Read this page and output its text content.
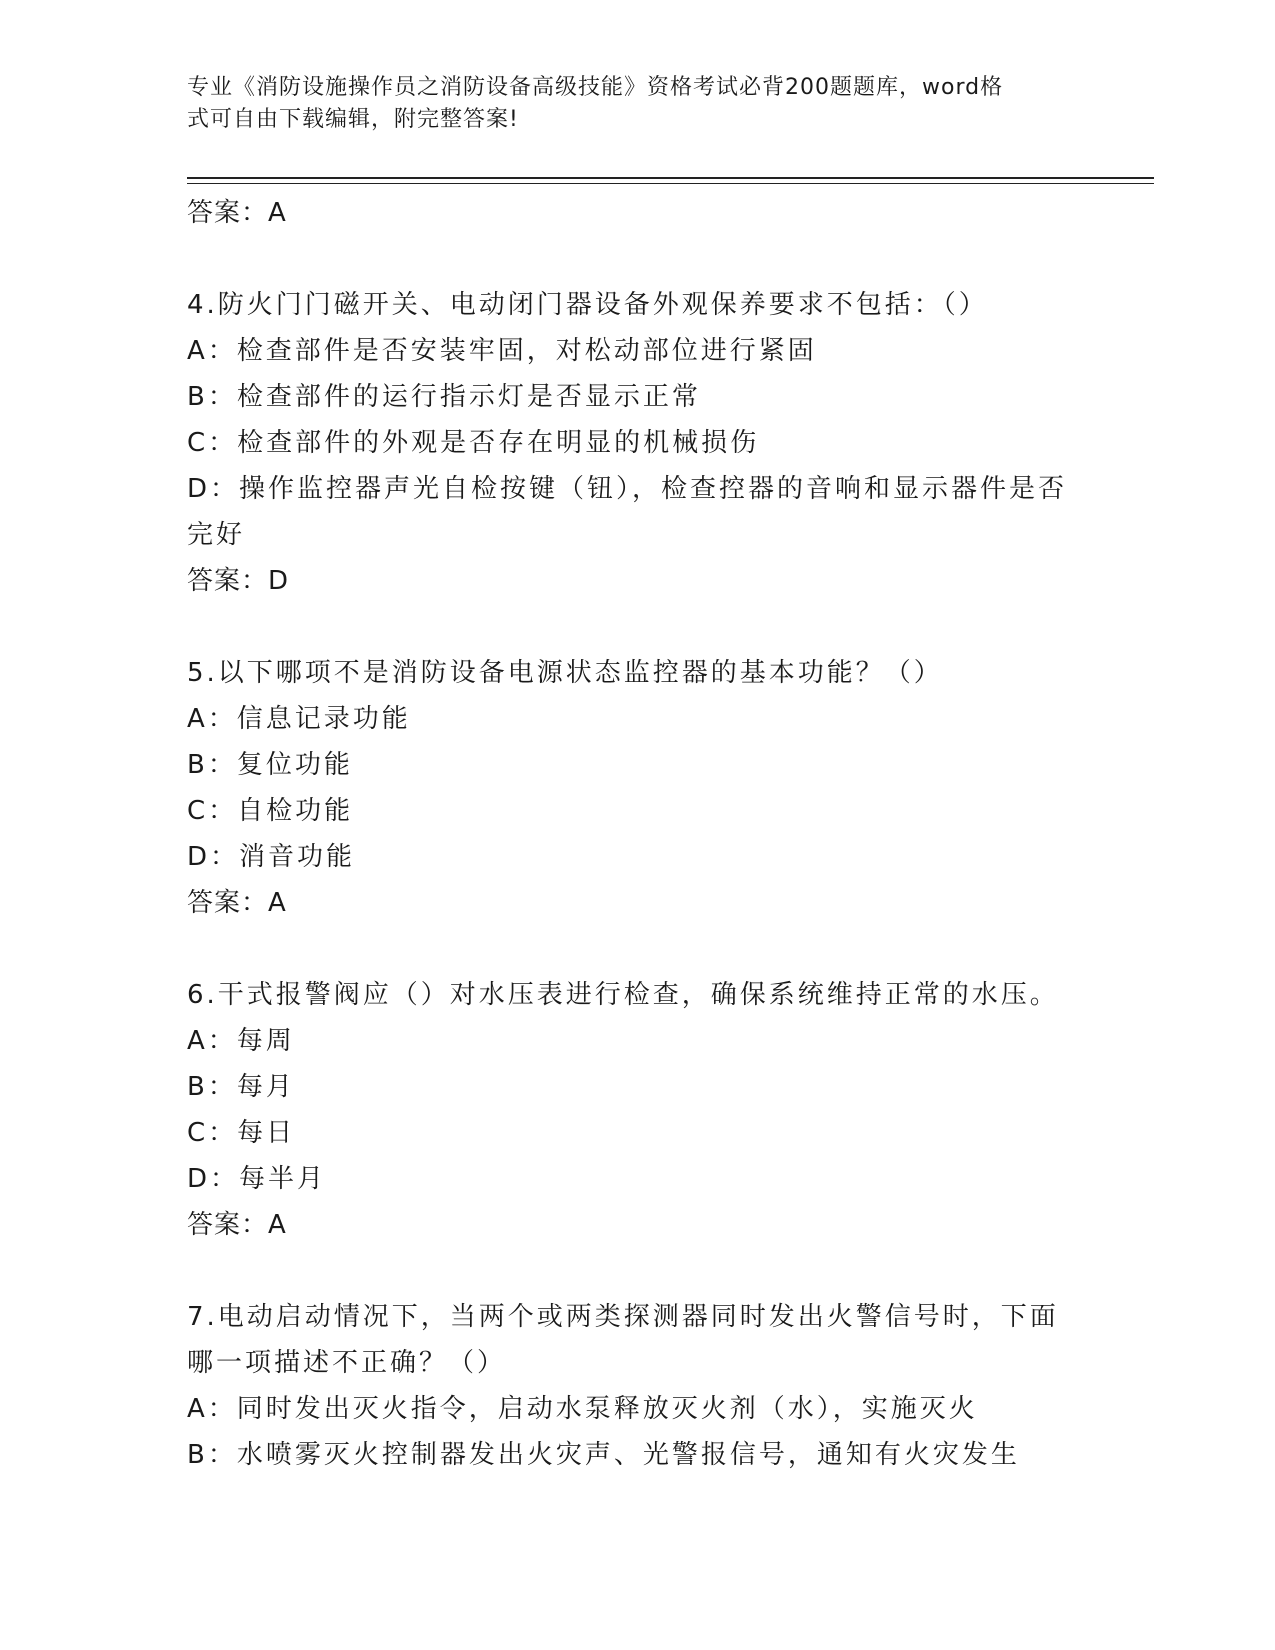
专业《消防设施操作员之消防设备高级技能》资格考试必背200题题库，word格
式可自由下载编辑，附完整答案!
答案：A
4.防火门门磁开关、电动闭门器设备外观保养要求不包括：（）
A：检查部件是否安装牢固，对松动部位进行紧固
B：检查部件的运行指示灯是否显示正常
C：检查部件的外观是否存在明显的机械损伤
D：操作监控器声光自检按键（钮），检查控器的音响和显示器件是否
完好
答案：D
5.以下哪项不是消防设备电源状态监控器的基本功能？（）
A：信息记录功能
B：复位功能
C：自检功能
D：消音功能
答案：A
6.干式报警阀应（）对水压表进行检查，确保系统维持正常的水压。
A：每周
B：每月
C：每日
D：每半月
答案：A
7.电动启动情况下，当两个或两类探测器同时发出火警信号时，下面
哪一项描述不正确？（）
A：同时发出灭火指令，启动水泵释放灭火剂（水），实施灭火
B：水喷雾灭火控制器发出火灾声、光警报信号，通知有火灾发生
